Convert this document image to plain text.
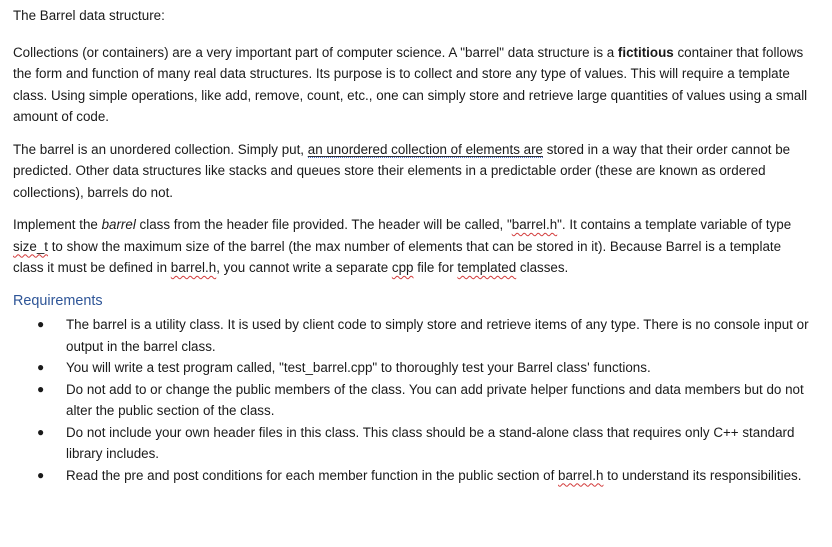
The Barrel data structure:

Collections (or containers) are a very important part of computer science. A "barrel" data structure is a fictitious container that follows the form and function of many real data structures. Its purpose is to collect and store any type of values. This will require a template class. Using simple operations, like add, remove, count, etc., one can simply store and retrieve large quantities of values using a small amount of code.

The barrel is an unordered collection. Simply put, an unordered collection of elements are stored in a way that their order cannot be predicted. Other data structures like stacks and queues store their elements in a predictable order (these are known as ordered collections), barrels do not.

Implement the barrel class from the header file provided. The header will be called, "barrel.h". It contains a template variable of type size_t to show the maximum size of the barrel (the max number of elements that can be stored in it). Because Barrel is a template class it must be defined in barrel.h, you cannot write a separate cpp file for templated classes.

Requirements

● The barrel is a utility class. It is used by client code to simply store and retrieve items of any type. There is no console input or output in the barrel class.
● You will write a test program called, "test_barrel.cpp" to thoroughly test your Barrel class' functions.
● Do not add to or change the public members of the class. You can add private helper functions and data members but do not alter the public section of the class.
● Do not include your own header files in this class. This class should be a stand-alone class that requires only C++ standard library includes.
● Read the pre and post conditions for each member function in the public section of barrel.h to understand its responsibilities.
